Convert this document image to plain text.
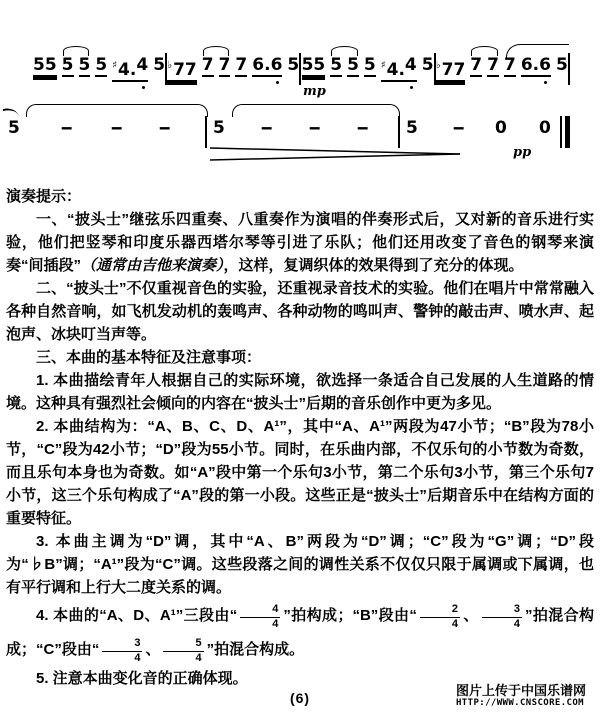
55 5 5 5 ♯4. 4 5 ♭77 7 7 7 6. 6 5 55 5 5 5 ♯4. 4 5 ♭77 7 7 7 6. 6 5
mp
5 - - - 5 - - - 5 - 0 0
pp

演奏提示：

一、“披头士”继弦乐四重奏、八重奏作为演唱的伴奏形式后，又对新的音乐进行实验，他们把竖琴和印度乐器西塔尔琴等引进了乐队；他们还用改变了音色的钢琴来演奏“间插段”（通常由吉他来演奏），这样，复调织体的效果得到了充分的体现。

二、“披头士”不仅重视音色的实验，还重视录音技术的实验。他们在唱片中常常融入各种自然音响，如飞机发动机的轰鸣声、各种动物的鸣叫声、警钟的敲击声、喷水声、起泡声、冰块叮当声等。

三、本曲的基本特征及注意事项：

1. 本曲描绘青年人根据自己的实际环境，欲选择一条适合自己发展的人生道路的情境。这种具有强烈社会倾向的内容在“披头士”后期的音乐创作中更为多见。

2. 本曲结构为：“A、B、C、D、A¹”，其中“A、A¹”两段为47小节；“B”段为78小节，“C”段为42小节；“D”段为55小节。同时，在乐曲内部，不仅乐句的小节数为奇数，而且乐句本身也为奇数。如“A”段中第一个乐句3小节，第二个乐句3小节，第三个乐句7小节，这三个乐句构成了“A”段的第一小段。这些正是“披头士”后期音乐中在结构方面的重要特征。

3. 本曲主调为“D”调，其中“A、B”两段为“D”调；“C”段为“G”调；“D”段为“♭B”调；“A¹”段为“C”调。这些段落之间的调性关系不仅仅只限于属调或下属调，也有平行调和上行大二度关系的调。

4. 本曲的“A、D、A¹”三段由“ $\frac{4}{4}$ ”拍构成；“B”段由“ $\frac{2}{4}$ 、 $\frac{3}{4}$ ”拍混合构成；“C”段由“ $\frac{3}{4}$ 、 $\frac{5}{4}$ ”拍混合构成。

5. 注意本曲变化音的正确体现。

(6)	图片上传于中国乐谱网
HTTP://WWW.CNSCORE.COM
